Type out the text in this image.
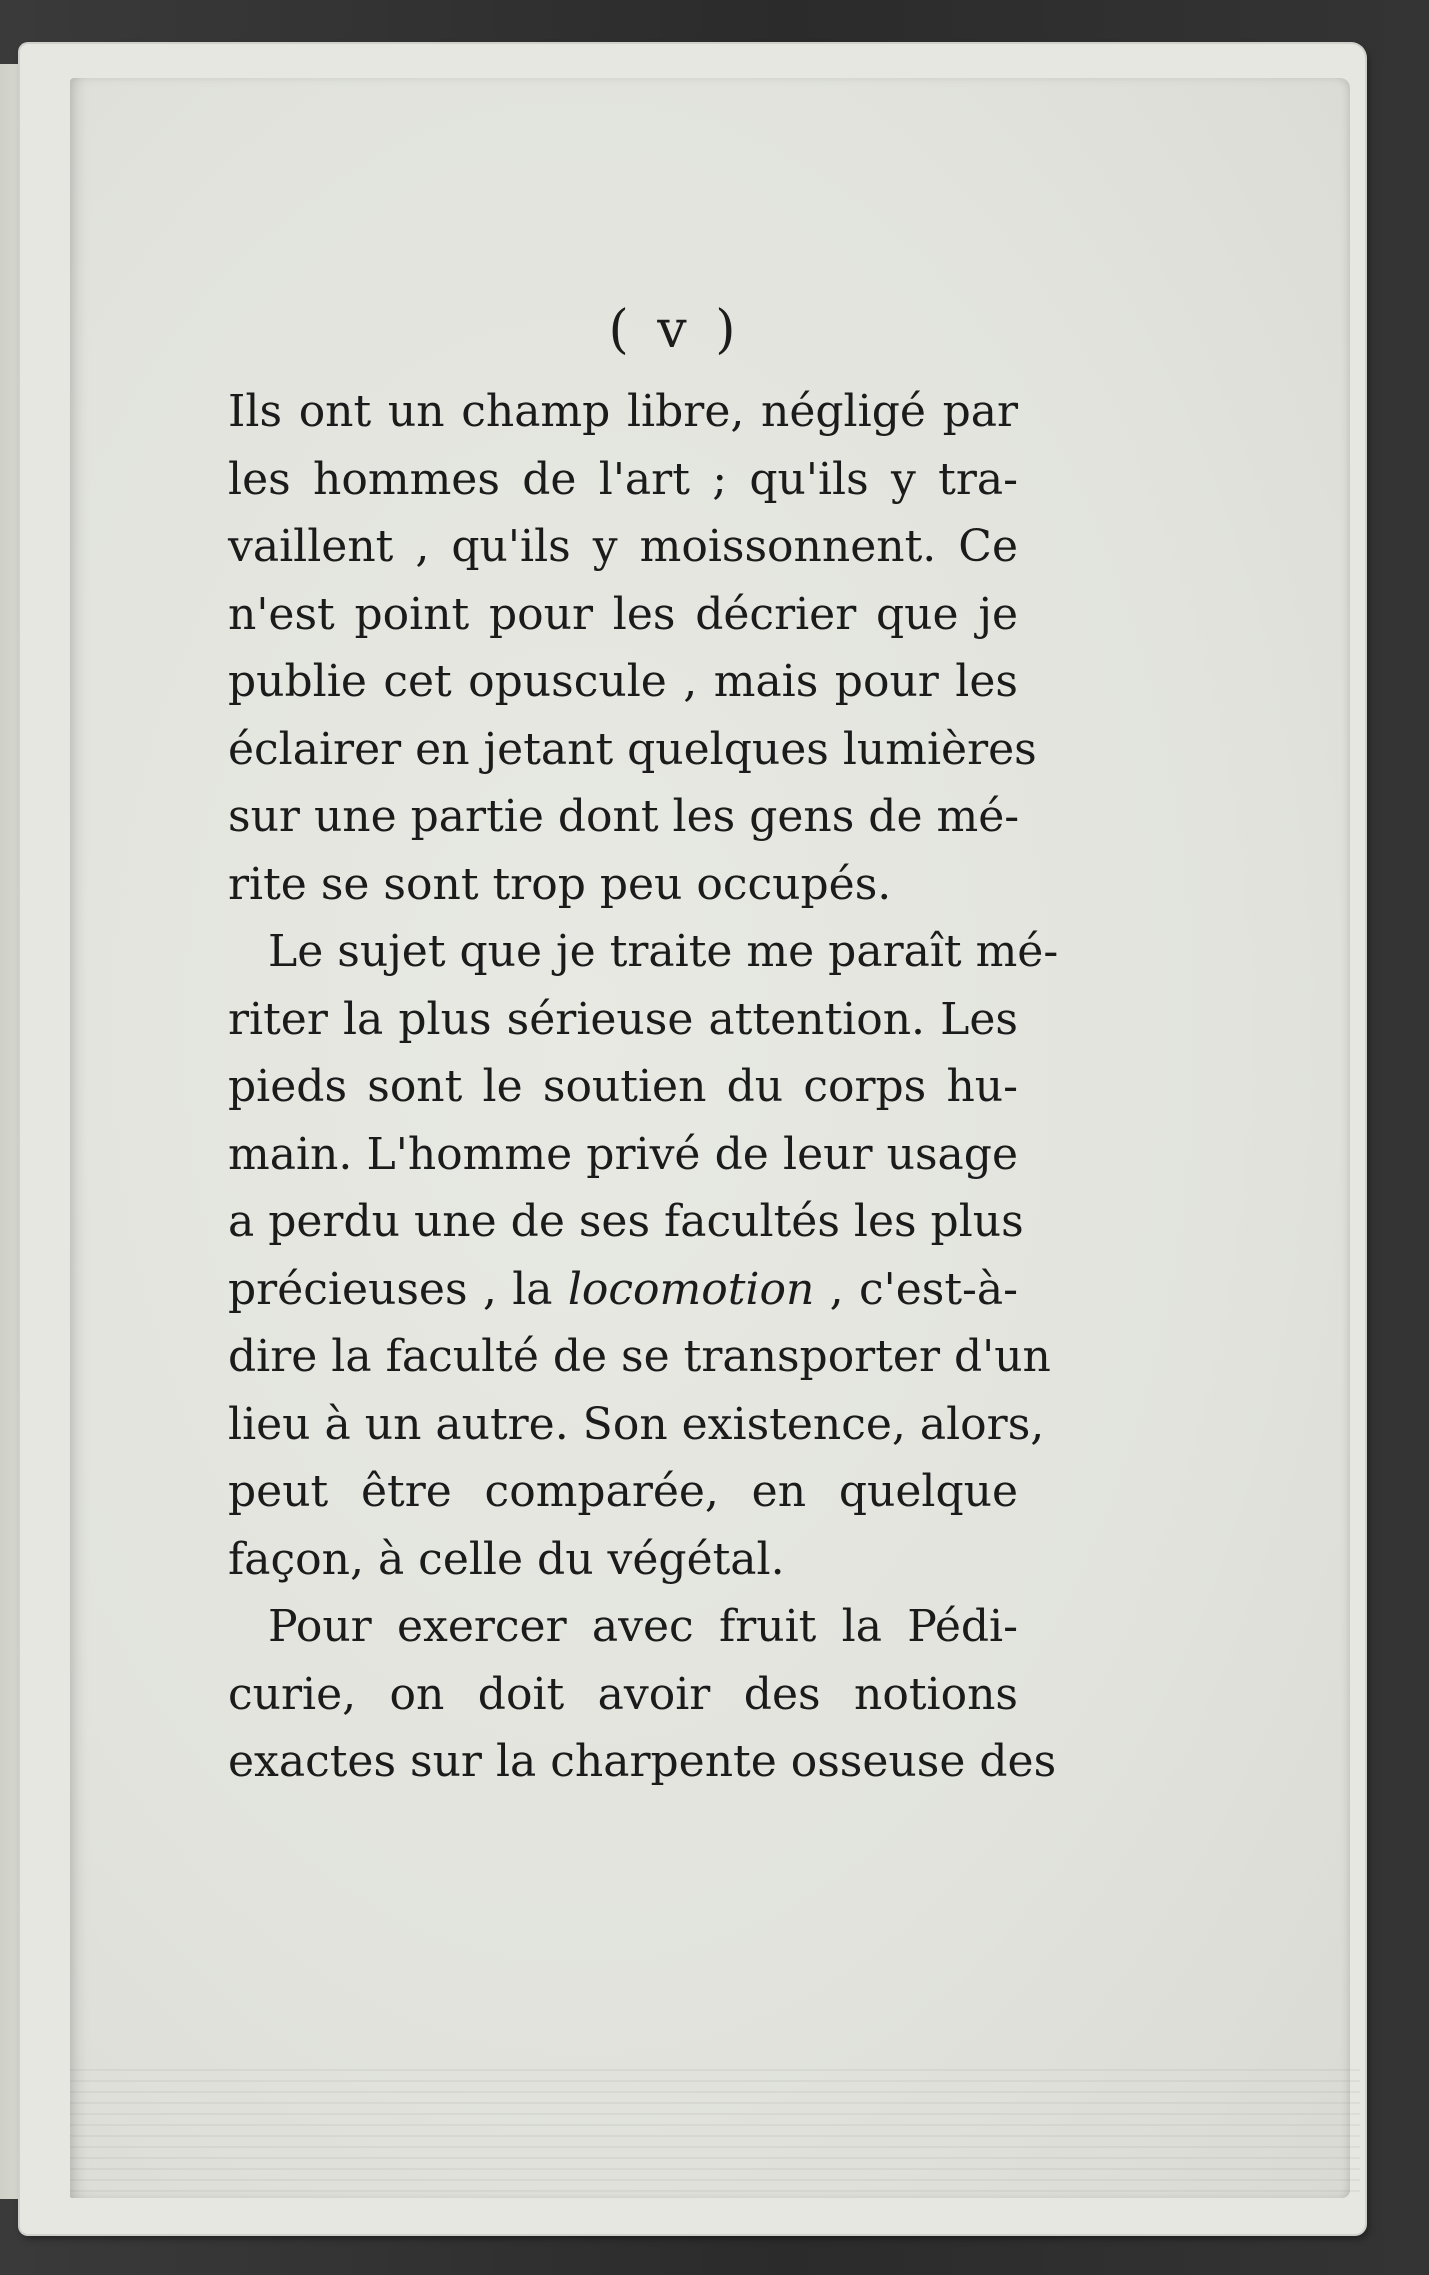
( v )

Ils ont un champ libre, négligé par
les hommes de l'art ; qu'ils y tra-
vaillent , qu'ils y moissonnent. Ce
n'est point pour les décrier que je
publie cet opuscule , mais pour les
éclairer en jetant quelques lumières
sur une partie dont les gens de mé-
rite se sont trop peu occupés.
Le sujet que je traite me paraît mé-
riter la plus sérieuse attention. Les
pieds sont le soutien du corps hu-
main. L'homme privé de leur usage
a perdu une de ses facultés les plus
précieuses , la locomotion , c'est-à-
dire la faculté de se transporter d'un
lieu à un autre. Son existence, alors,
peut être comparée, en quelque
façon, à celle du végétal.
Pour exercer avec fruit la Pédi-
curie, on doit avoir des notions
exactes sur la charpente osseuse des
